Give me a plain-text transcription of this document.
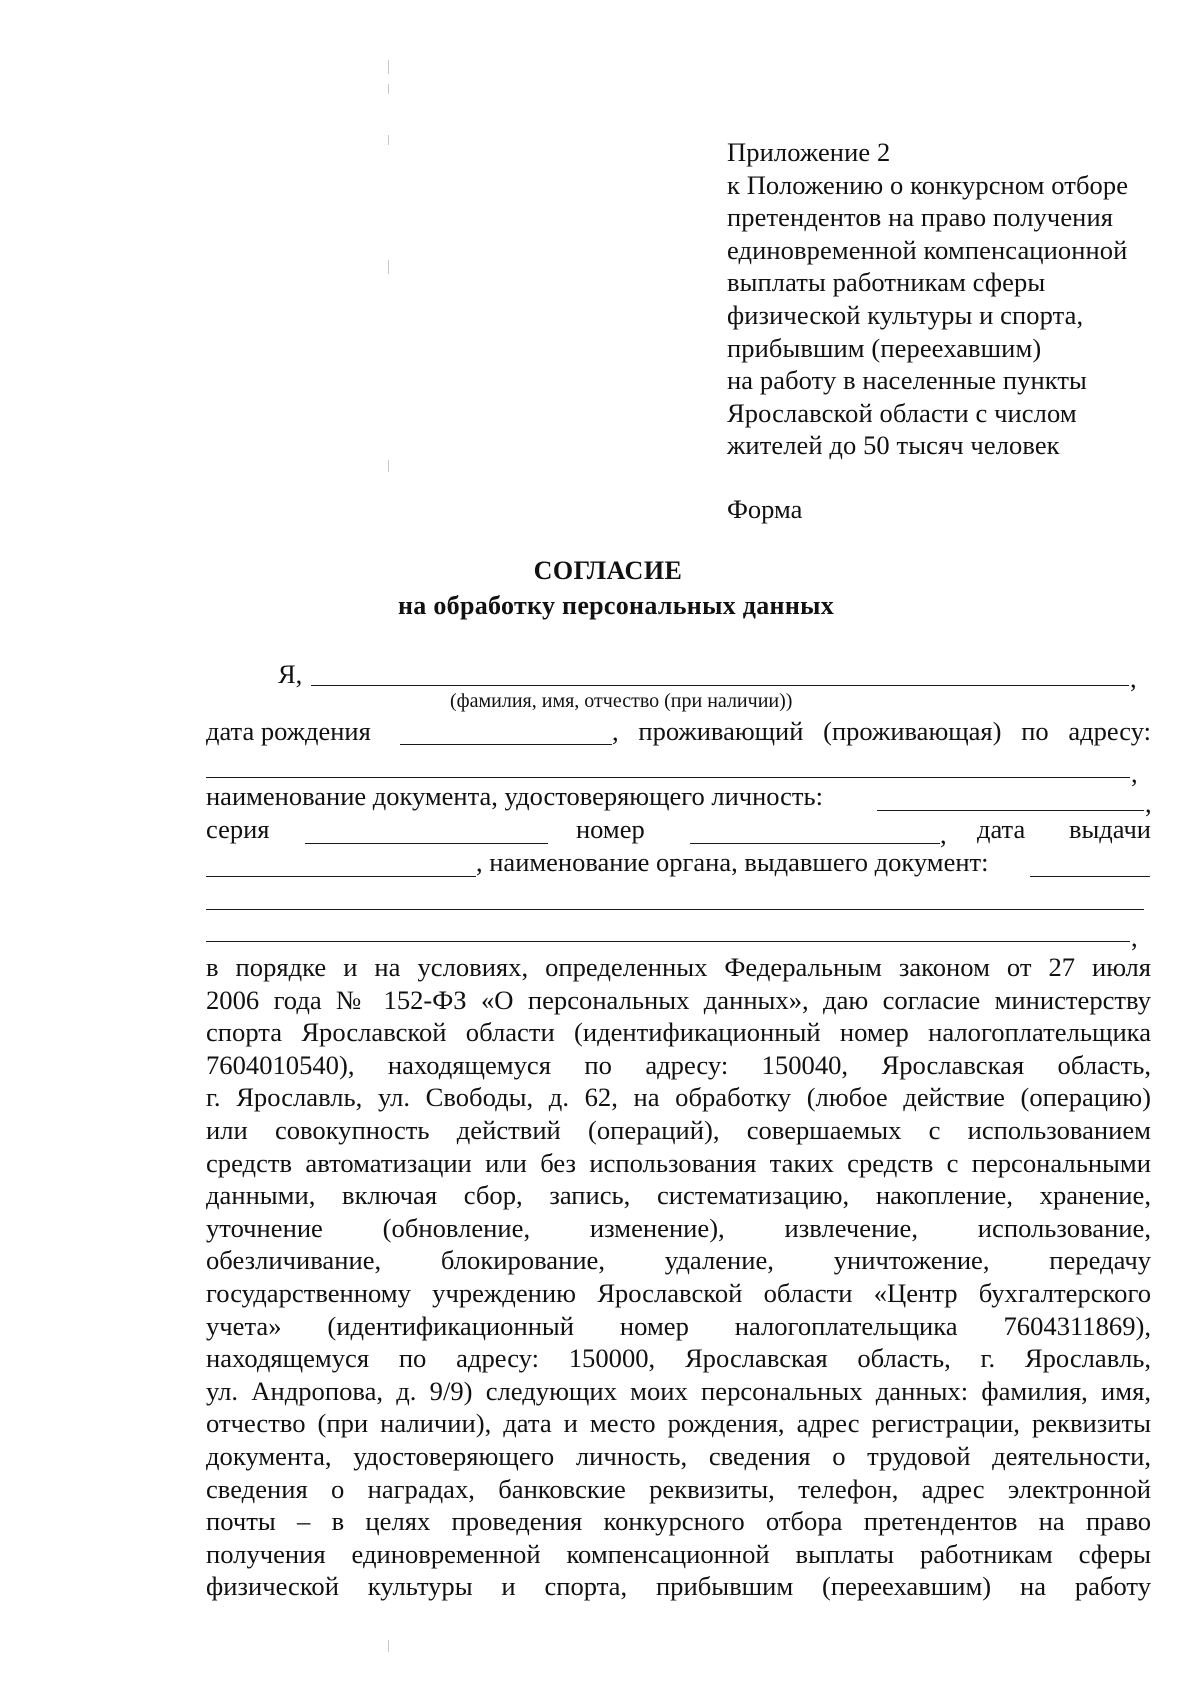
Приложение 2
к Положению о конкурсном отборе
претендентов на право получения
единовременной компенсационной
выплаты работникам сферы
физической культуры и спорта,
прибывшим (переехавшим)
на работу в населенные пункты
Ярославской области с числом
жителей до 50 тысяч человек
Форма
СОГЛАСИЕ
на обработку персональных данных
Я,	,
(фамилия, имя, отчество (при наличии))
дата рождения	, проживающий (проживающая) по адресу:
,
наименование документа, удостоверяющего личность:	,
серия	номер	, дата выдачи
, наименование органа, выдавшего документ:
,
в порядке и на условиях, определенных Федеральным законом от 27 июля
2006 года № 152-ФЗ «О персональных данных», даю согласие министерству
спорта Ярославской области (идентификационный номер налогоплательщика
7604010540), находящемуся по адресу: 150040, Ярославская область,
г. Ярославль, ул. Свободы, д. 62, на обработку (любое действие (операцию)
или совокупность действий (операций), совершаемых с использованием
средств автоматизации или без использования таких средств с персональными
данными, включая сбор, запись, систематизацию, накопление, хранение,
уточнение (обновление, изменение), извлечение, использование,
обезличивание, блокирование, удаление, уничтожение, передачу
государственному учреждению Ярославской области «Центр бухгалтерского
учета» (идентификационный номер налогоплательщика 7604311869),
находящемуся по адресу: 150000, Ярославская область, г. Ярославль,
ул. Андропова, д. 9/9) следующих моих персональных данных: фамилия, имя,
отчество (при наличии), дата и место рождения, адрес регистрации, реквизиты
документа, удостоверяющего личность, сведения о трудовой деятельности,
сведения о наградах, банковские реквизиты, телефон, адрес электронной
почты – в целях проведения конкурсного отбора претендентов на право
получения единовременной компенсационной выплаты работникам сферы
физической культуры и спорта, прибывшим (переехавшим) на работу
